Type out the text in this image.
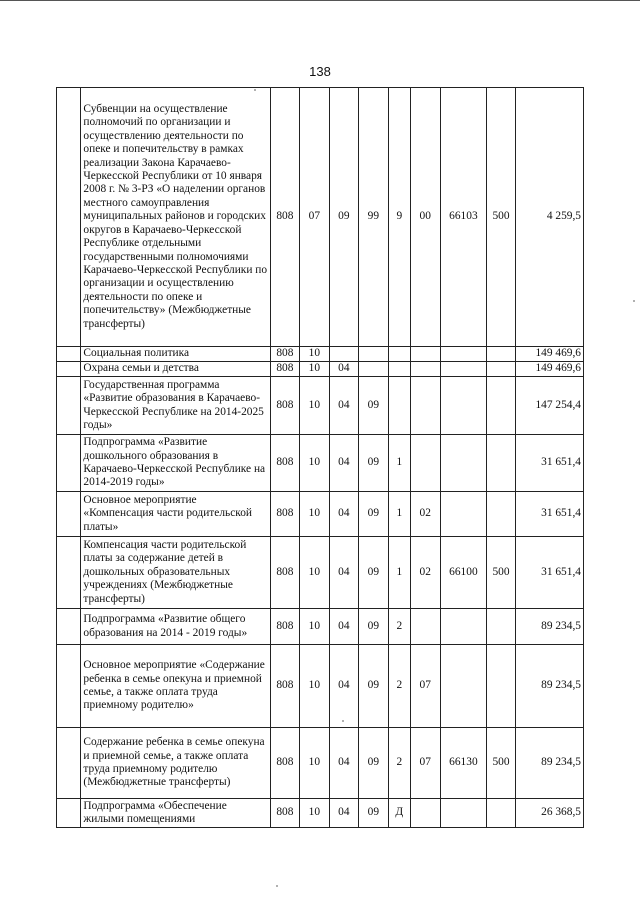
138
	Субвенции на осуществление полномочий по организации и осуществлению деятельности по опеке и попечительству в рамках реализации Закона Карачаево-Черкесской Республики от 10 января 2008 г. № 3-РЗ «О наделении органов местного самоуправления муниципальных районов и городских округов в Карачаево-Черкесской Республике отдельными государственными полномочиями Карачаево-Черкесской Республики по организации и осуществлению деятельности по опеке и попечительству» (Межбюджетные трансферты)	808	07	09	99	9	00	66103	500	4 259,5
	Социальная политика	808	10							149 469,6
	Охрана семьи и детства	808	10	04						149 469,6
	Государственная программа «Развитие образования в Карачаево-Черкесской Республике на 2014-2025 годы»	808	10	04	09					147 254,4
	Подпрограмма «Развитие дошкольного образования в Карачаево-Черкесской Республике на 2014-2019 годы»	808	10	04	09	1				31 651,4
	Основное мероприятие «Компенсация части родительской платы»	808	10	04	09	1	02			31 651,4
	Компенсация части родительской платы за содержание детей в дошкольных образовательных учреждениях (Межбюджетные трансферты)	808	10	04	09	1	02	66100	500	31 651,4
	Подпрограмма «Развитие общего образования на 2014 - 2019 годы»	808	10	04	09	2				89 234,5
	Основное мероприятие «Содержание ребенка в семье опекуна и приемной семье, а также оплата труда приемному родителю»	808	10	04	09	2	07			89 234,5
	Содержание ребенка в семье опекуна и приемной семье, а также оплата труда приемному родителю (Межбюджетные трансферты)	808	10	04	09	2	07	66130	500	89 234,5
	Подпрограмма «Обеспечение жилыми помещениями	808	10	04	09	Д				26 368,5
